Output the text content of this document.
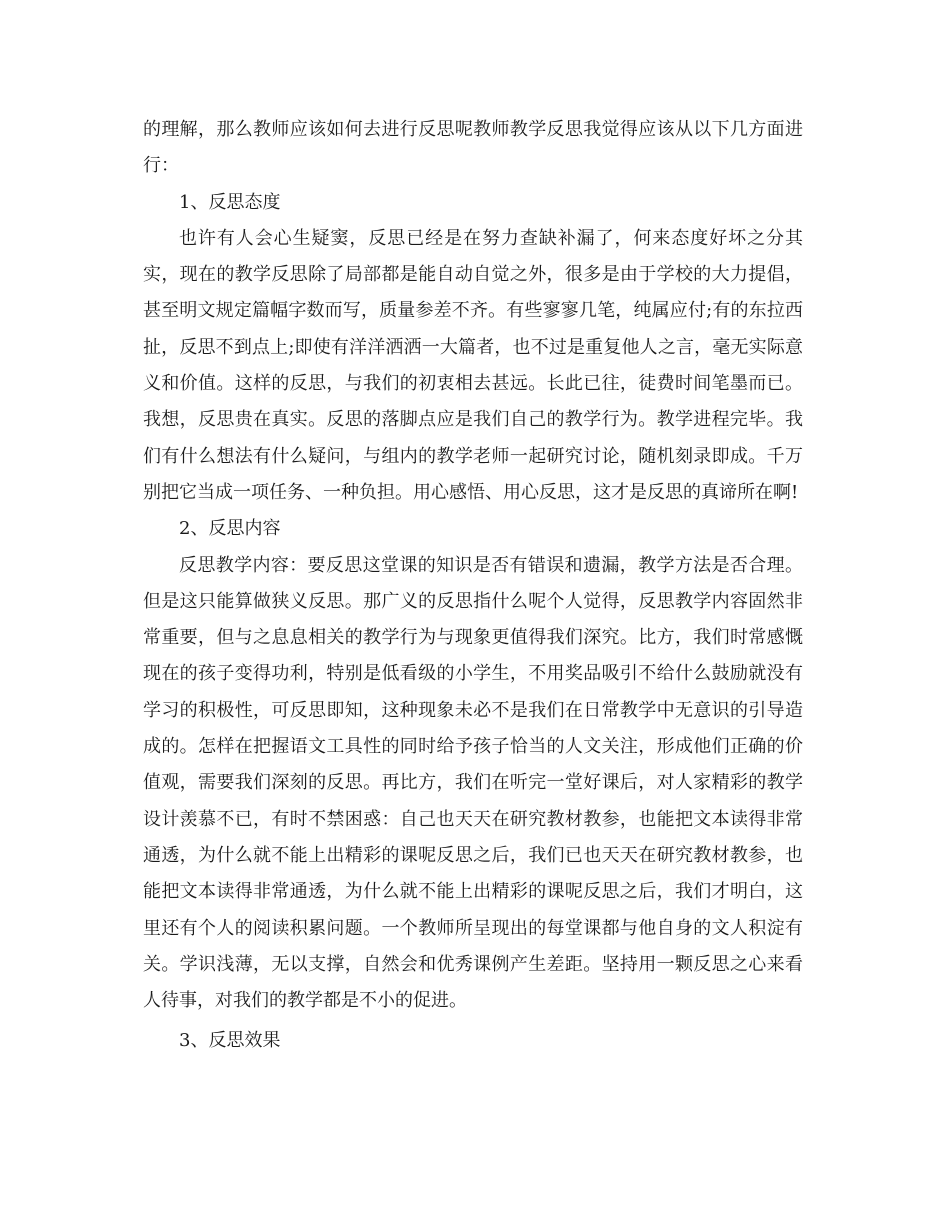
的理解，那么教师应该如何去进行反思呢教师教学反思我觉得应该从以下几方面进行：

1、反思态度

也许有人会心生疑窦，反思已经是在努力查缺补漏了，何来态度好坏之分其实，现在的教学反思除了局部都是能自动自觉之外，很多是由于学校的大力提倡，甚至明文规定篇幅字数而写，质量参差不齐。有些寥寥几笔，纯属应付;有的东拉西扯，反思不到点上;即使有洋洋洒洒一大篇者，也不过是重复他人之言，毫无实际意义和价值。这样的反思，与我们的初衷相去甚远。长此已往，徒费时间笔墨而已。我想，反思贵在真实。反思的落脚点应是我们自己的教学行为。教学进程完毕。我们有什么想法有什么疑问，与组内的教学老师一起研究讨论，随机刻录即成。千万别把它当成一项任务、一种负担。用心感悟、用心反思，这才是反思的真谛所在啊!

2、反思内容

反思教学内容：要反思这堂课的知识是否有错误和遗漏，教学方法是否合理。但是这只能算做狭义反思。那广义的反思指什么呢个人觉得，反思教学内容固然非常重要，但与之息息相关的教学行为与现象更值得我们深究。比方，我们时常感慨现在的孩子变得功利，特别是低看级的小学生，不用奖品吸引不给什么鼓励就没有学习的积极性，可反思即知，这种现象未必不是我们在日常教学中无意识的引导造成的。怎样在把握语文工具性的同时给予孩子恰当的人文关注，形成他们正确的价值观，需要我们深刻的反思。再比方，我们在听完一堂好课后，对人家精彩的教学设计羡慕不已，有时不禁困惑：自己也天天在研究教材教参，也能把文本读得非常通透，为什么就不能上出精彩的课呢反思之后，我们已也天天在研究教材教参，也能把文本读得非常通透，为什么就不能上出精彩的课呢反思之后，我们才明白，这里还有个人的阅读积累问题。一个教师所呈现出的每堂课都与他自身的文人积淀有关。学识浅薄，无以支撑，自然会和优秀课例产生差距。坚持用一颗反思之心来看人待事，对我们的教学都是不小的促进。

3、反思效果
